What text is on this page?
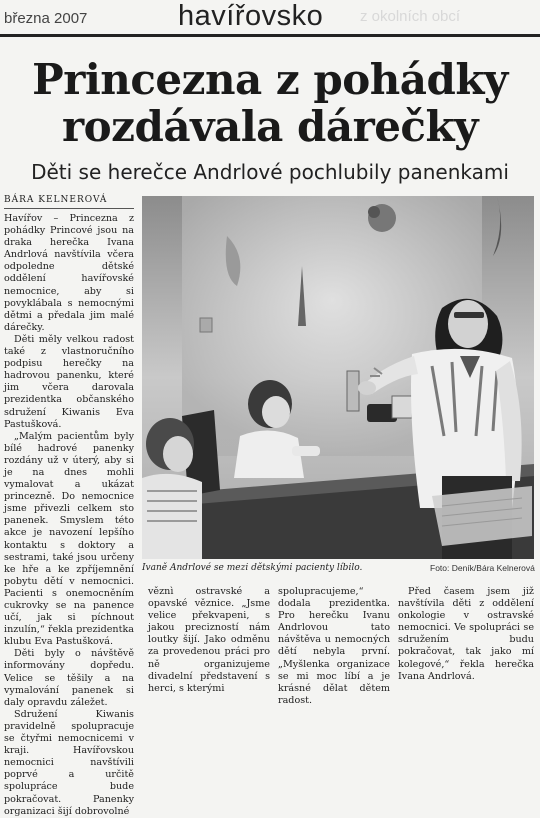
března 2007	havířovsko z okolních obcí
Princezna z pohádky
rozdávala dárečky
Děti se herečce Andrlové pochlubily panenkami
BÁRA KELNEROVÁ

Havířov – Princezna z pohádky Princové jsou na draka herečka Ivana Andrlová navštívila včera odpoledne dětské oddělení havířovské nemocnice, aby si povyklábala s nemocnými dětmi a předala jim malé dárečky.

Děti měly velkou radost také z vlastnoručního podpisu herečky na hadrovou panenku, které jim včera darovala prezidentka občanského sdružení Kiwanis Eva Pastušková.

„Malým pacientům byly bílé hadrové panenky rozdány už v úterý, aby si je na dnes mohli vymalovat a ukázat princezně. Do nemocnice jsme přivezli celkem sto panenek. Smyslem této akce je navození lepšího kontaktu s doktory a sestrami, také jsou určeny ke hře a ke zpříjemnění pobytu dětí v nemocnici. Pacienti s onemocněním cukrovky se na panence učí, jak si píchnout inzulín,“ řekla prezidentka klubu Eva Pastušková.

Děti byly o návštěvě informovány dopředu. Velice se těšily a na vymalování panenek si daly opravdu záležet.

Sdružení Kiwanis pravidelně spolupracuje se čtyřmi nemocnicemi v kraji. Havířovskou nemocnici navštívili poprvé a určitě spolupráce bude pokračovat. Panenky organizaci šijí dobrovolné

Ivaně Andrlové se mezi dětskými pacienty líbilo.	Foto: Deník/Bára Kelnerová

věznì ostravské a opavské věznice. „Jsme velice překvapeni, s jakou precizností nám loutky šijí. Jako odměnu za provedenou práci pro ně organizujeme divadelní představení s herci, s kterými

spolupracujeme,“ dodala prezidentka. Pro herečku Ivanu Andrlovou tato návštěva u nemocných dětí nebyla první. „Myšlenka organizace se mi moc líbí a je krásné dělat dětem radost.

Před časem jsem již navštívila děti z oddělení onkologie v ostravské nemocnici. Ve spolupráci se sdružením budu pokračovat, tak jako mí kolegové,“ řekla herečka Ivana Andrlová.
